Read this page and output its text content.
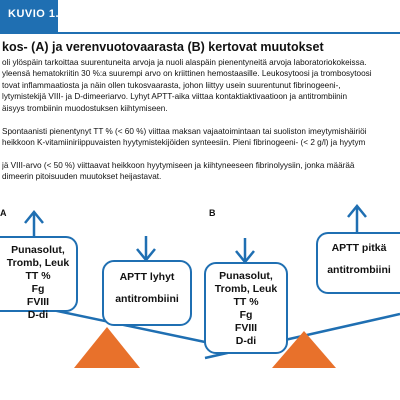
KUVIO 1.
kos- (A) ja verenvuotovaarasta (B) kertovat muutokset
oli ylöspäin tarkoittaa suurentuneita arvoja ja nuoli alaspäin pienentyneitä arvoja laboratoriokokeissa.
yleensä hematokriitin 30 %:a suurempi arvo on kriittinen hemostaasille. Leukosytoosi ja trombosytoosi
tovat inflammaatiosta ja näin ollen tukosvaarasta, johon liittyy usein suurentunut fibrinogeeni-,
lytymistekijä VIII- ja D-dimeeriarvo. Lyhyt APTT-aika viittaa kontaktiaktivaatioon ja antitrombiinin
äisyys trombiinin muodostuksen kiihtymiseen.
Spontaanisti pienentynyt TT % (< 60 %) viittaa maksan vajaatoimintaan tai suoliston imeytymishäiriöi
heikkoon K-vitamiiniriippuvaisten hyytymistekijöiden synteesiin. Pieni fibrinogeeni- (< 2 g/l) ja hyytym
jä VIII-arvo (< 50 %) viittaavat heikkoon hyytymiseen ja kiihtyneeseen fibrinolyysiin, jonka määrää
dimeerin pitoisuuden muutokset heijastavat.
A	B
Punasolut,
Tromb, Leuk
TT %
Fg
FVIII
D-di
APTT lyhyt
antitrombiini
Punasolut,
Tromb, Leuk
TT %
Fg
FVIII
D-di
APTT pitkä
antitrombiini
